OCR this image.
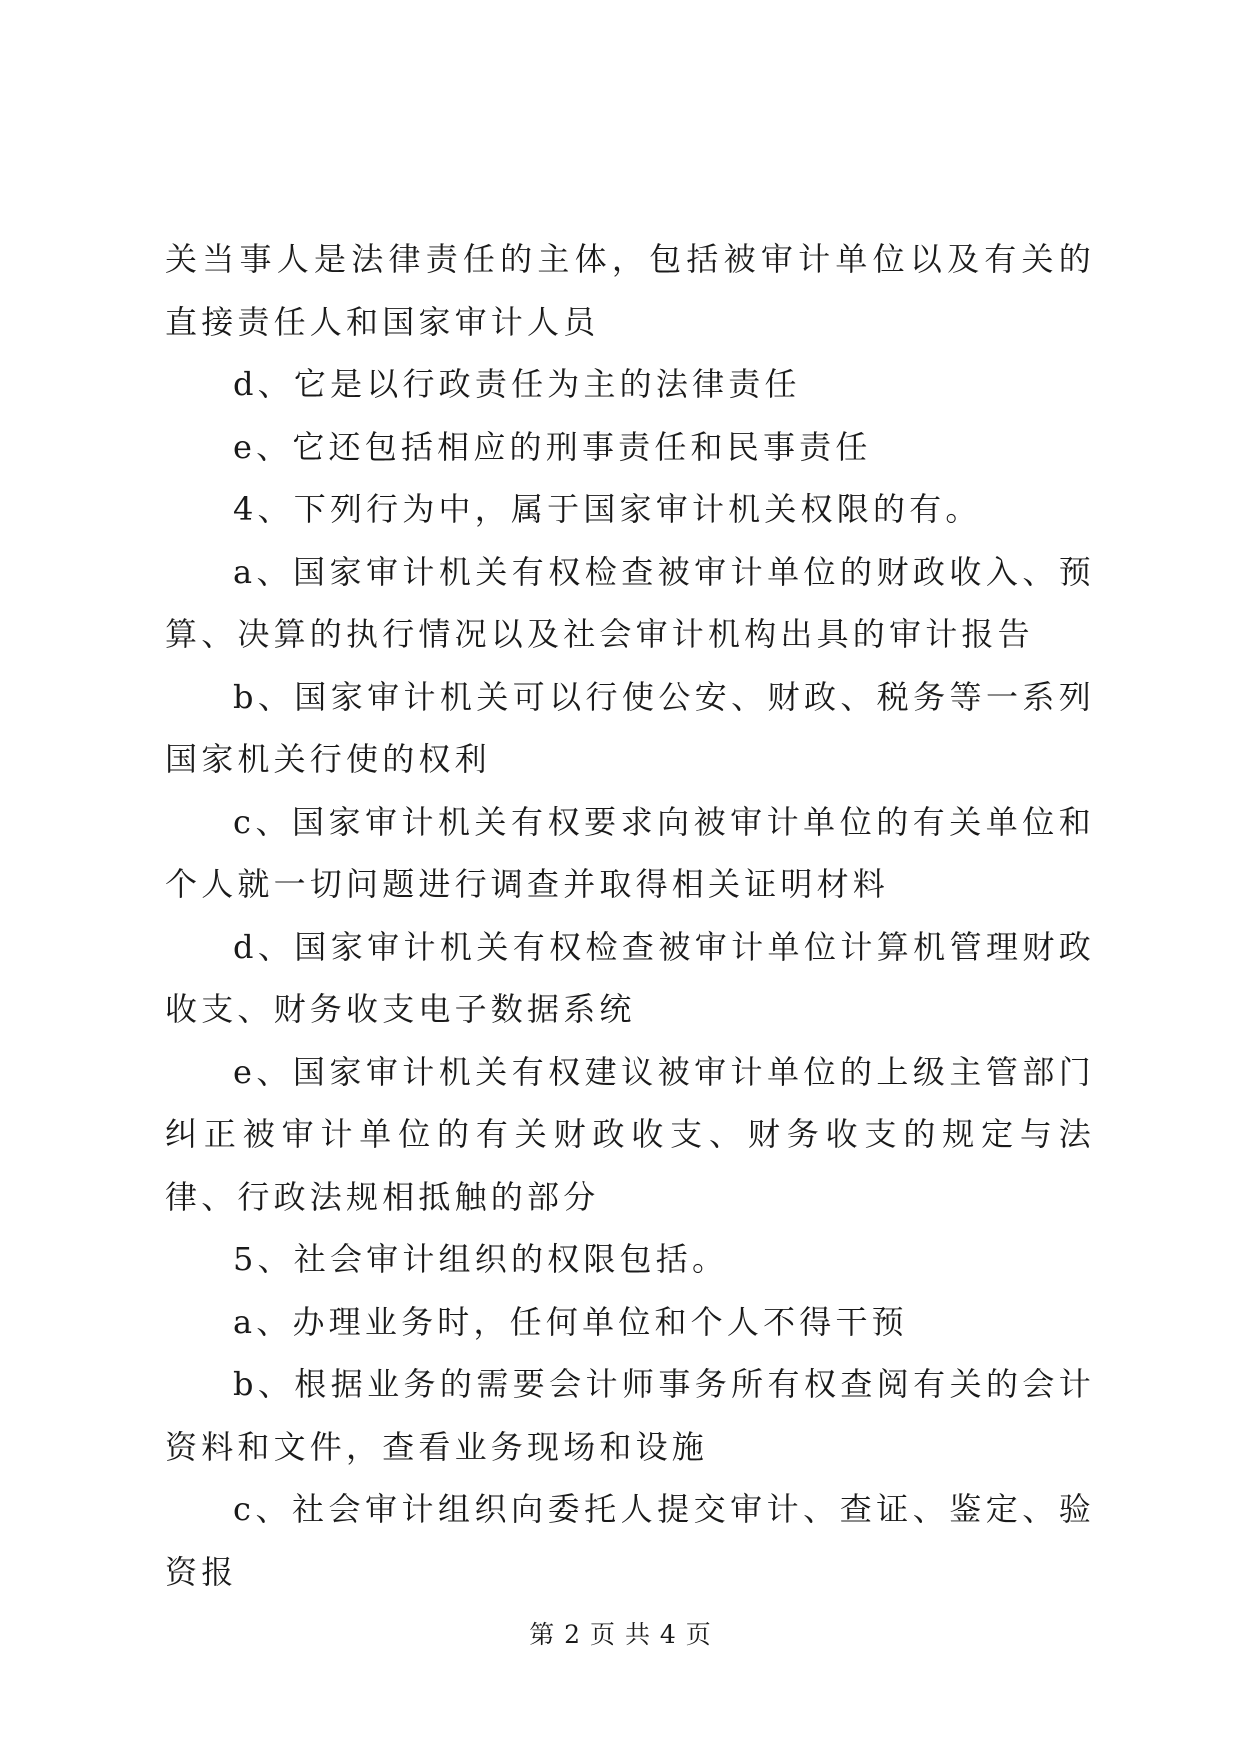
关当事人是法律责任的主体，包括被审计单位以及有关的直接责任人和国家审计人员

d、它是以行政责任为主的法律责任

e、它还包括相应的刑事责任和民事责任

4、下列行为中，属于国家审计机关权限的有。

a、国家审计机关有权检查被审计单位的财政收入、预算、决算的执行情况以及社会审计机构出具的审计报告

b、国家审计机关可以行使公安、财政、税务等一系列国家机关行使的权利

c、国家审计机关有权要求向被审计单位的有关单位和个人就一切问题进行调查并取得相关证明材料

d、国家审计机关有权检查被审计单位计算机管理财政收支、财务收支电子数据系统

e、国家审计机关有权建议被审计单位的上级主管部门纠正被审计单位的有关财政收支、财务收支的规定与法律、行政法规相抵触的部分

5、社会审计组织的权限包括。

a、办理业务时，任何单位和个人不得干预

b、根据业务的需要会计师事务所有权查阅有关的会计资料和文件，查看业务现场和设施

c、社会审计组织向委托人提交审计、查证、鉴定、验资报

第 2 页 共 4 页
